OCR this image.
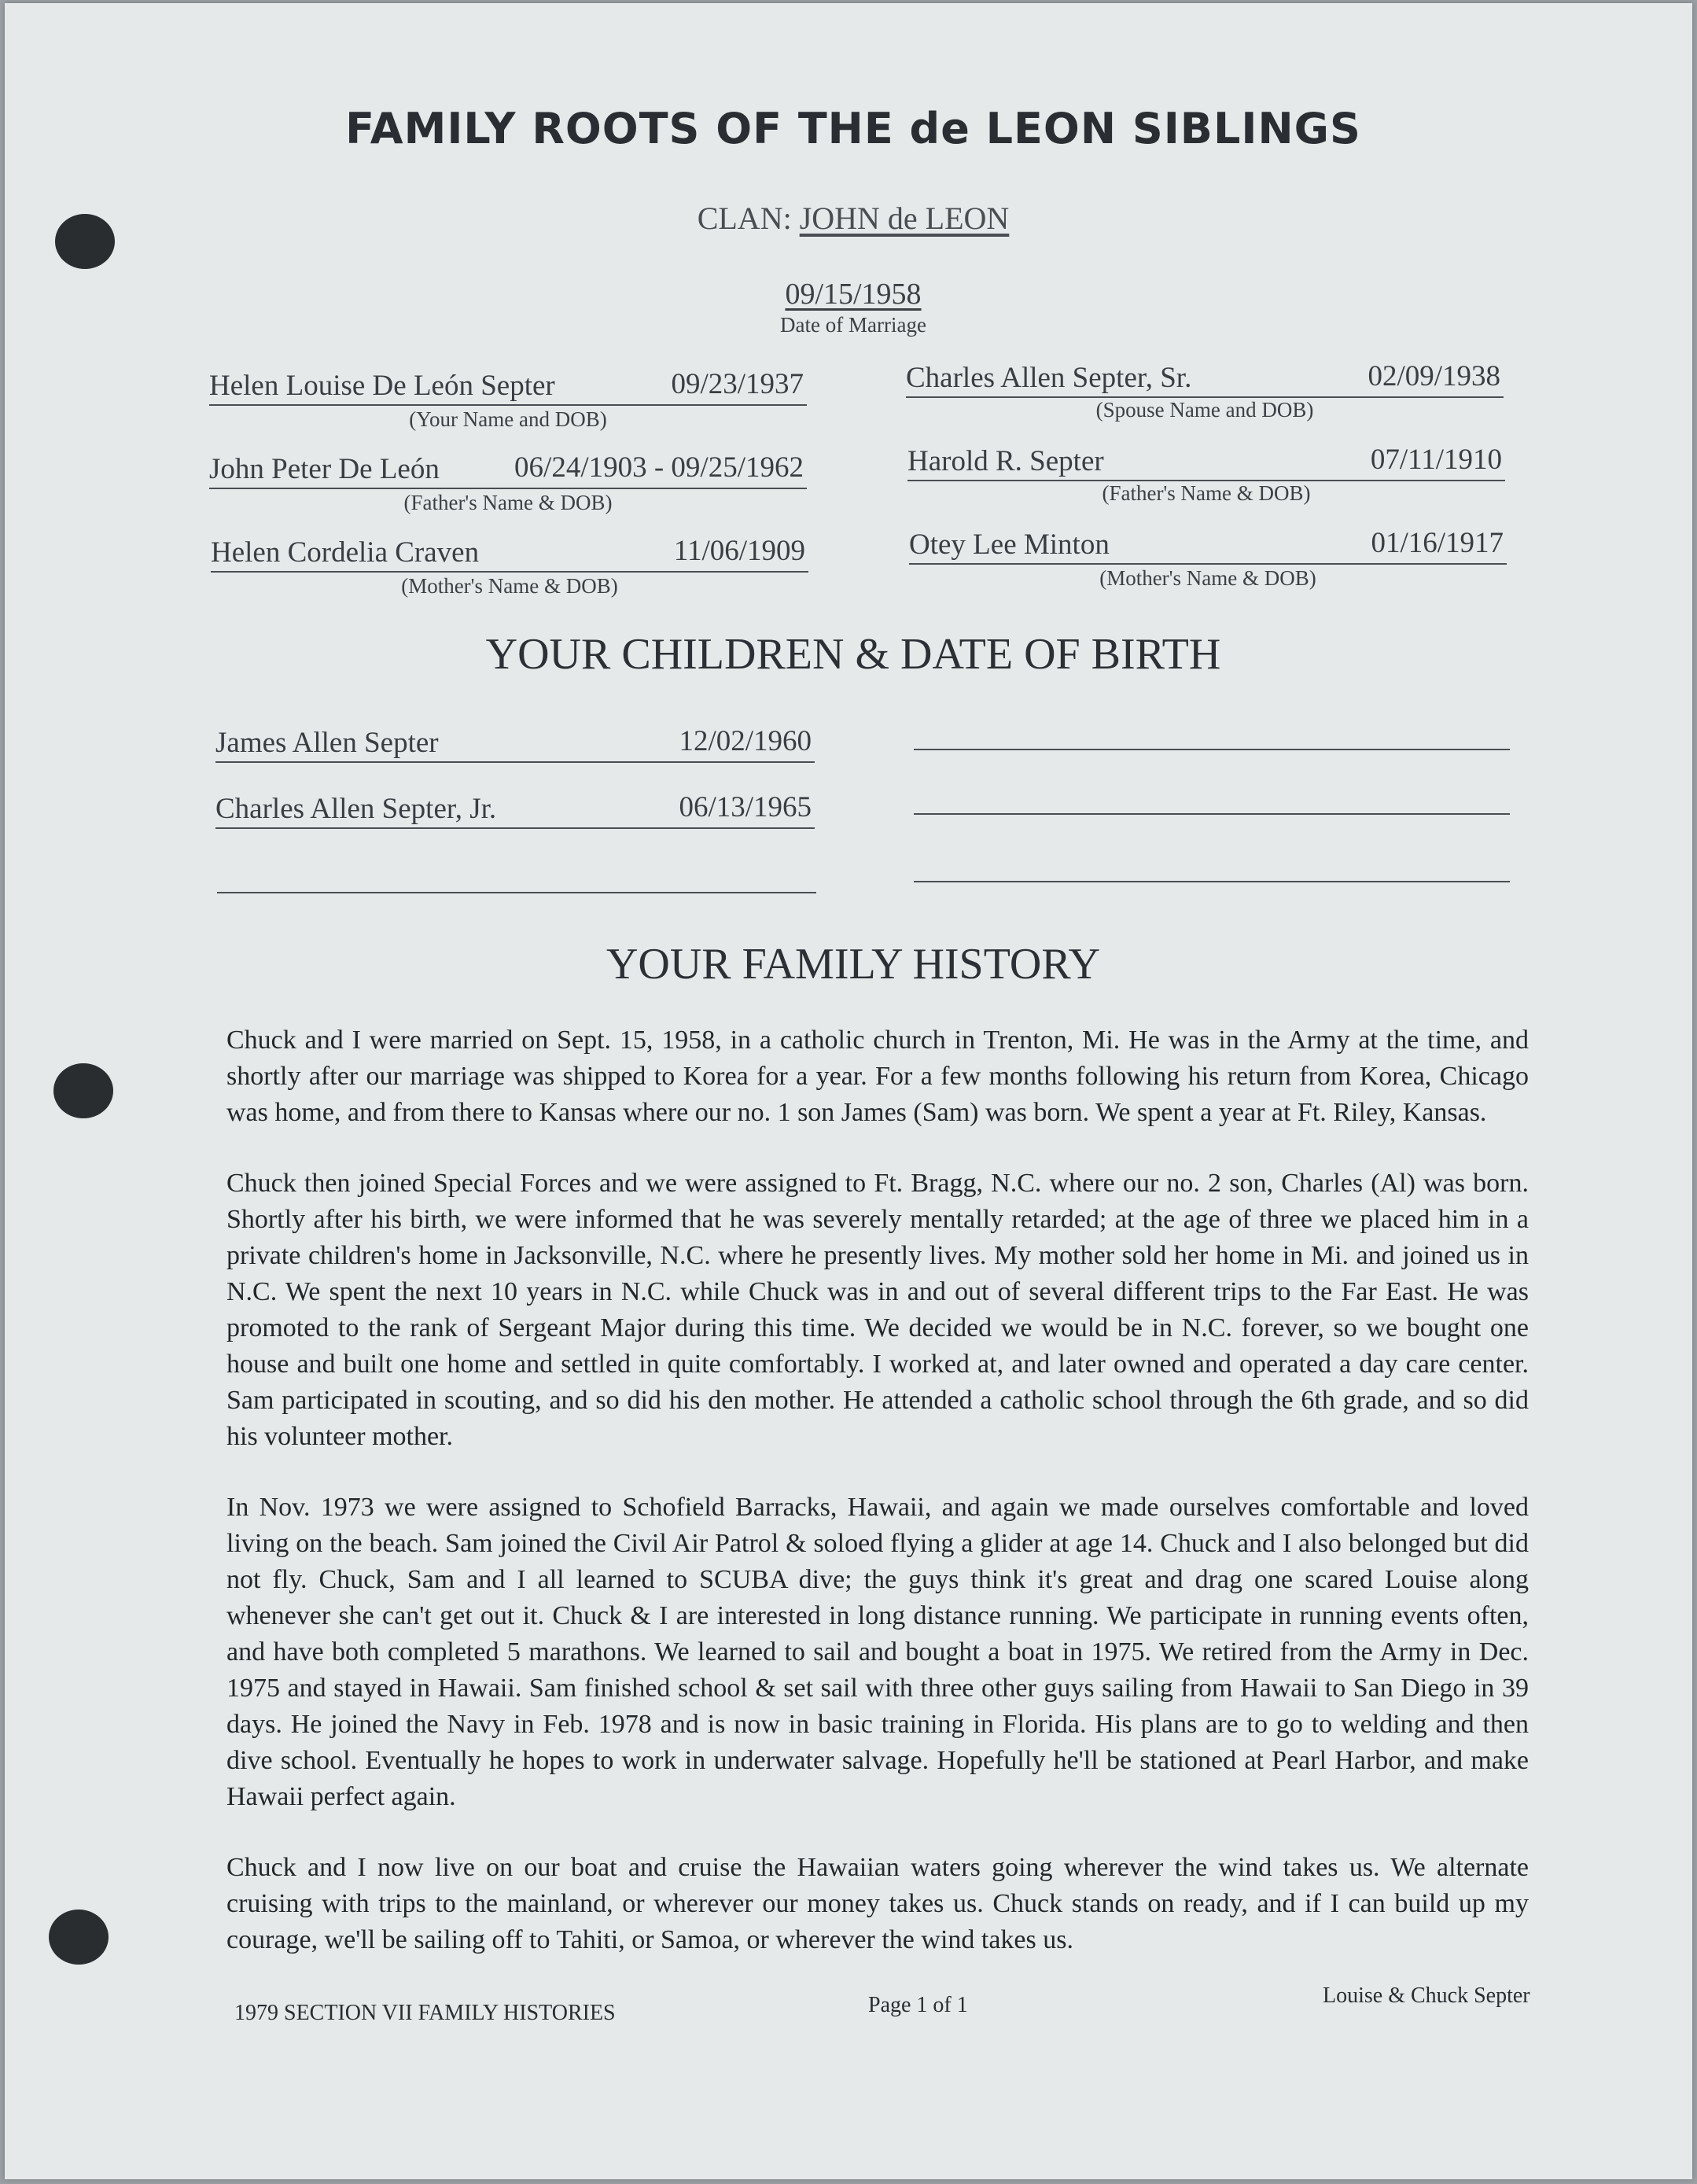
FAMILY ROOTS OF THE de LEON SIBLINGS
CLAN: JOHN de LEON
09/15/1958
Date of Marriage
Helen Louise De León Septer	09/23/1937
(Your Name and DOB)
John Peter De León	06/24/1903 - 09/25/1962
(Father's Name & DOB)
Helen Cordelia Craven	11/06/1909
(Mother's Name & DOB)
Charles Allen Septer, Sr.	02/09/1938
(Spouse Name and DOB)
Harold R. Septer	07/11/1910
(Father's Name & DOB)
Otey Lee Minton	01/16/1917
(Mother's Name & DOB)
YOUR CHILDREN & DATE OF BIRTH
James Allen Septer	12/02/1960
Charles Allen Septer, Jr.	06/13/1965
YOUR FAMILY HISTORY

Chuck and I were married on Sept. 15, 1958, in a catholic church in Trenton, Mi. He was in the Army at the time, and shortly after our marriage was shipped to Korea for a year. For a few months following his return from Korea, Chicago was home, and from there to Kansas where our no. 1 son James (Sam) was born. We spent a year at Ft. Riley, Kansas.

Chuck then joined Special Forces and we were assigned to Ft. Bragg, N.C. where our no. 2 son, Charles (Al) was born. Shortly after his birth, we were informed that he was severely mentally retarded; at the age of three we placed him in a private children's home in Jacksonville, N.C. where he presently lives. My mother sold her home in Mi. and joined us in N.C. We spent the next 10 years in N.C. while Chuck was in and out of several different trips to the Far East. He was promoted to the rank of Sergeant Major during this time. We decided we would be in N.C. forever, so we bought one house and built one home and settled in quite comfortably. I worked at, and later owned and operated a day care center. Sam participated in scouting, and so did his den mother. He attended a catholic school through the 6th grade, and so did his volunteer mother.

In Nov. 1973 we were assigned to Schofield Barracks, Hawaii, and again we made ourselves comfortable and loved living on the beach. Sam joined the Civil Air Patrol & soloed flying a glider at age 14. Chuck and I also belonged but did not fly. Chuck, Sam and I all learned to SCUBA dive; the guys think it's great and drag one scared Louise along whenever she can't get out it. Chuck & I are interested in long distance running. We participate in running events often, and have both completed 5 marathons. We learned to sail and bought a boat in 1975. We retired from the Army in Dec. 1975 and stayed in Hawaii. Sam finished school & set sail with three other guys sailing from Hawaii to San Diego in 39 days. He joined the Navy in Feb. 1978 and is now in basic training in Florida. His plans are to go to welding and then dive school. Eventually he hopes to work in underwater salvage. Hopefully he'll be stationed at Pearl Harbor, and make Hawaii perfect again.

Chuck and I now live on our boat and cruise the Hawaiian waters going wherever the wind takes us. We alternate cruising with trips to the mainland, or wherever our money takes us. Chuck stands on ready, and if I can build up my courage, we'll be sailing off to Tahiti, or Samoa, or wherever the wind takes us.

1979 SECTION VII FAMILY HISTORIES	Page 1 of 1	Louise & Chuck Septer
